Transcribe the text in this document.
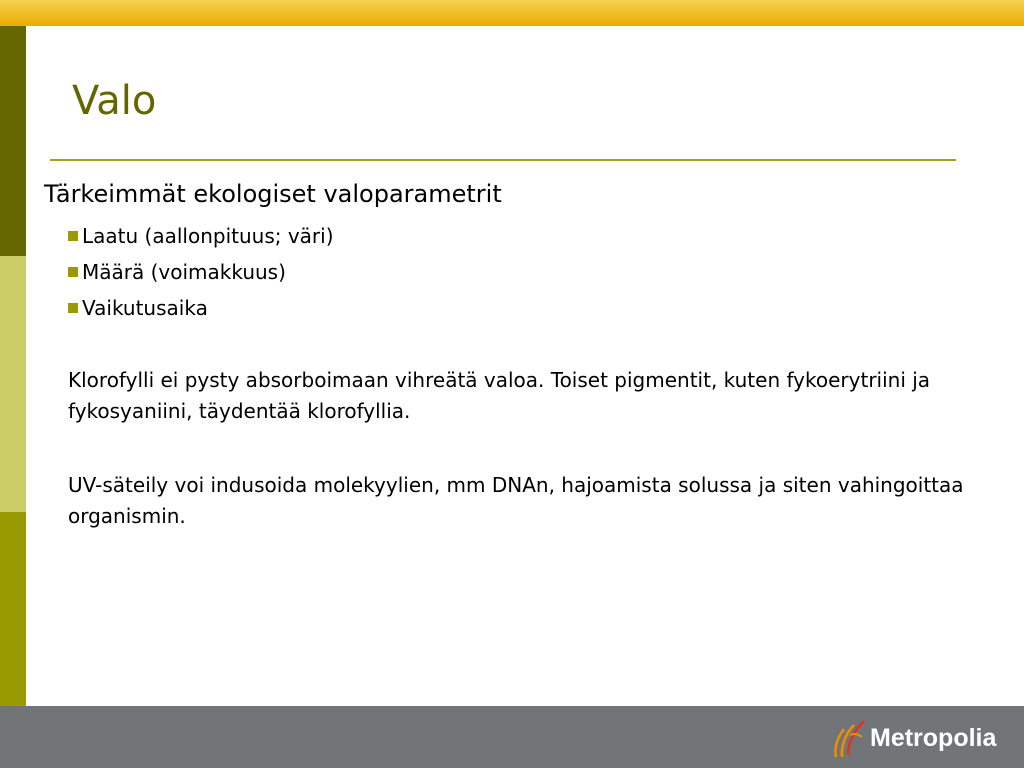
Valo
Tärkeimmät ekologiset valoparametrit
Laatu (aallonpituus; väri)
Määrä (voimakkuus)
Vaikutusaika

Klorofylli ei pysty absorboimaan vihreätä valoa. Toiset pigmentit, kuten fykoerytriini ja fykosyaniini, täydentää klorofyllia.

UV-säteily voi indusoida molekyylien, mm DNAn, hajoamista solussa ja siten vahingoittaa organismin.

Metropolia
